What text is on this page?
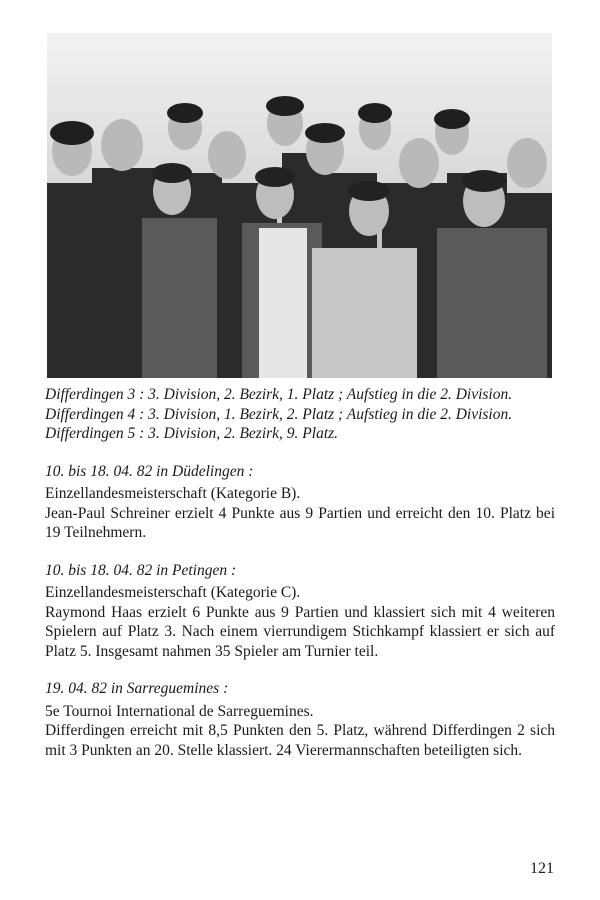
Differdingen 3 : 3. Division, 2. Bezirk, 1. Platz ; Aufstieg in die 2. Division.

Differdingen 4 : 3. Division, 1. Bezirk, 2. Platz ; Aufstieg in die 2. Division.

Differdingen 5 : 3. Division, 2. Bezirk, 9. Platz.

10. bis 18. 04. 82 in Düdelingen :

Einzellandesmeisterschaft (Kategorie B).

Jean-Paul Schreiner erzielt 4 Punkte aus 9 Partien und erreicht den 10. Platz bei 19 Teilnehmern.

10. bis 18. 04. 82 in Petingen :

Einzellandesmeisterschaft (Kategorie C).

Raymond Haas erzielt 6 Punkte aus 9 Partien und klassiert sich mit 4 weiteren Spielern auf Platz 3. Nach einem vierrundigem Stichkampf klassiert er sich auf Platz 5. Insgesamt nahmen 35 Spieler am Turnier teil.

19. 04. 82 in Sarreguemines :

5e Tournoi International de Sarreguemines.

Differdingen erreicht mit 8,5 Punkten den 5. Platz, während Differdingen 2 sich mit 3 Punkten an 20. Stelle klassiert. 24 Vierermannschaften beteiligten sich.

121
